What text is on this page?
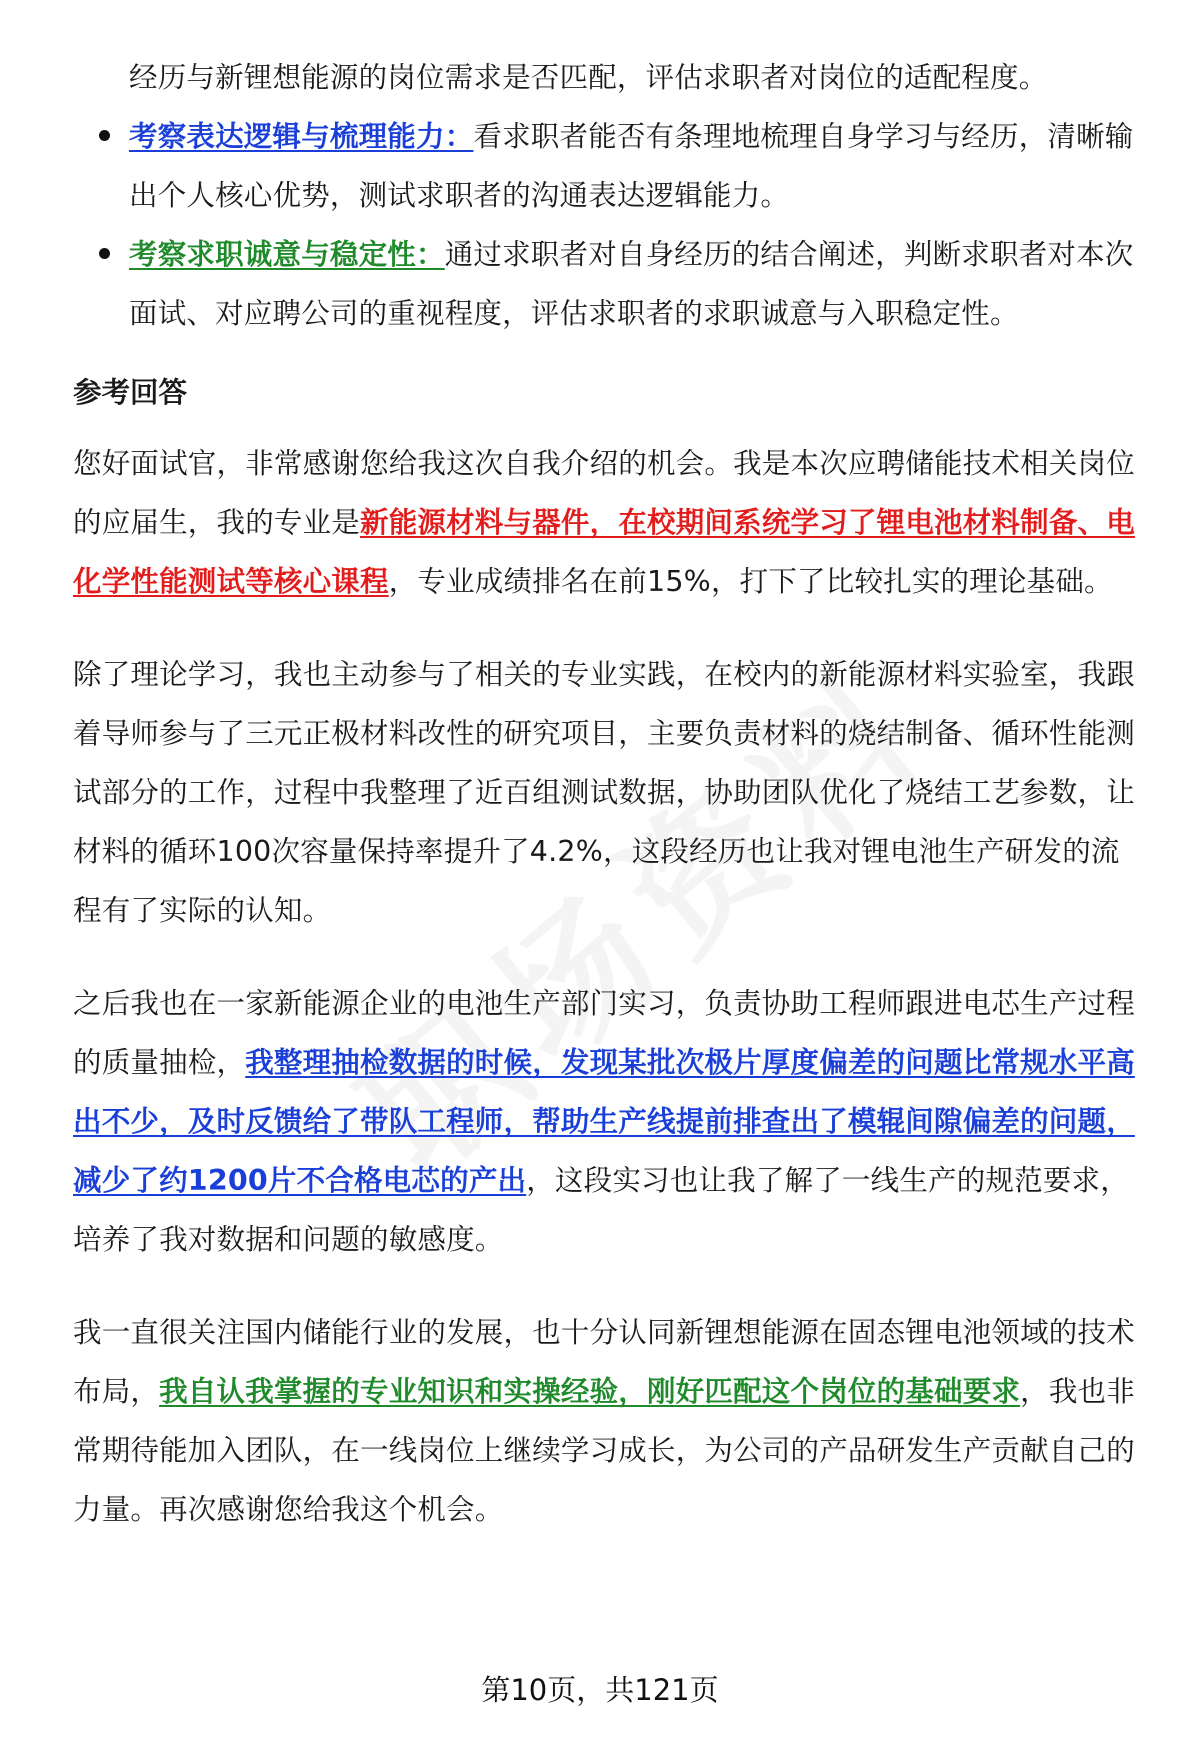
经历与新锂想能源的岗位需求是否匹配，评估求职者对岗位的适配程度。

考察表达逻辑与梳理能力：看求职者能否有条理地梳理自身学习与经历，清晰输出个人核心优势，测试求职者的沟通表达逻辑能力。

考察求职诚意与稳定性：通过求职者对自身经历的结合阐述，判断求职者对本次面试、对应聘公司的重视程度，评估求职者的求职诚意与入职稳定性。

参考回答

您好面试官，非常感谢您给我这次自我介绍的机会。我是本次应聘储能技术相关岗位的应届生，我的专业是新能源材料与器件，在校期间系统学习了锂电池材料制备、电化学性能测试等核心课程，专业成绩排名在前15%，打下了比较扎实的理论基础。

除了理论学习，我也主动参与了相关的专业实践，在校内的新能源材料实验室，我跟着导师参与了三元正极材料改性的研究项目，主要负责材料的烧结制备、循环性能测试部分的工作，过程中我整理了近百组测试数据，协助团队优化了烧结工艺参数，让材料的循环100次容量保持率提升了4.2%，这段经历也让我对锂电池生产研发的流程有了实际的认知。

之后我也在一家新能源企业的电池生产部门实习，负责协助工程师跟进电芯生产过程的质量抽检，我整理抽检数据的时候，发现某批次极片厚度偏差的问题比常规水平高出不少，及时反馈给了带队工程师，帮助生产线提前排查出了模辊间隙偏差的问题，减少了约1200片不合格电芯的产出，这段实习也让我了解了一线生产的规范要求，培养了我对数据和问题的敏感度。

我一直很关注国内储能行业的发展，也十分认同新锂想能源在固态锂电池领域的技术布局，我自认我掌握的专业知识和实操经验，刚好匹配这个岗位的基础要求，我也非常期待能加入团队，在一线岗位上继续学习成长，为公司的产品研发生产贡献自己的力量。再次感谢您给我这个机会。

第10页，共121页
